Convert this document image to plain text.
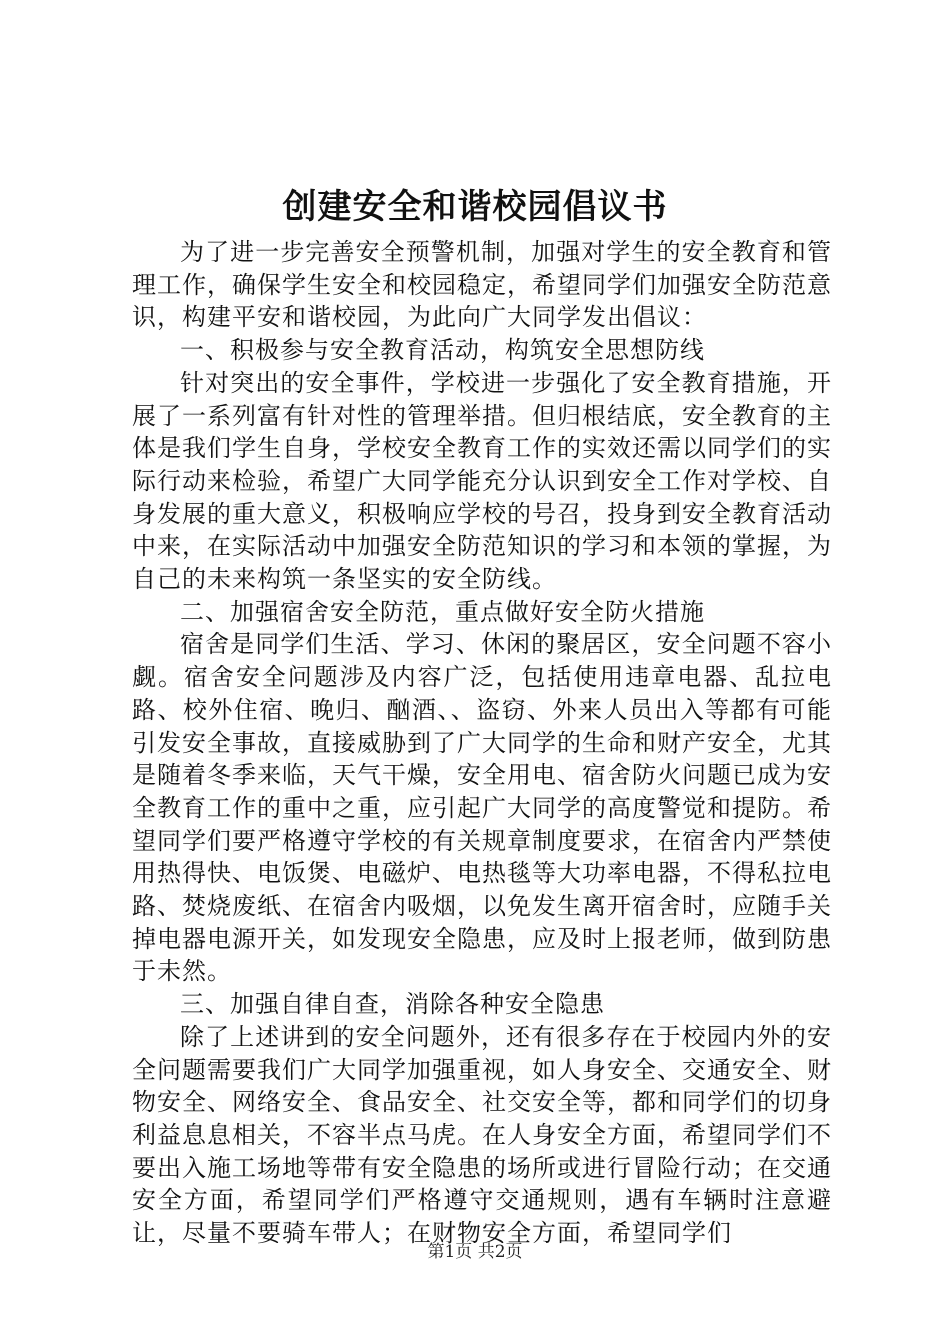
创建安全和谐校园倡议书

为了进一步完善安全预警机制，加强对学生的安全教育和管理工作，确保学生安全和校园稳定，希望同学们加强安全防范意识，构建平安和谐校园，为此向广大同学发出倡议：

一、积极参与安全教育活动，构筑安全思想防线

针对突出的安全事件，学校进一步强化了安全教育措施，开展了一系列富有针对性的管理举措。但归根结底，安全教育的主体是我们学生自身，学校安全教育工作的实效还需以同学们的实际行动来检验，希望广大同学能充分认识到安全工作对学校、自身发展的重大意义，积极响应学校的号召，投身到安全教育活动中来，在实际活动中加强安全防范知识的学习和本领的掌握，为自己的未来构筑一条坚实的安全防线。

二、加强宿舍安全防范，重点做好安全防火措施

宿舍是同学们生活、学习、休闲的聚居区，安全问题不容小觑。宿舍安全问题涉及内容广泛，包括使用违章电器、乱拉电路、校外住宿、晚归、酗酒、、盗窃、外来人员出入等都有可能引发安全事故，直接威胁到了广大同学的生命和财产安全，尤其是随着冬季来临，天气干燥，安全用电、宿舍防火问题已成为安全教育工作的重中之重，应引起广大同学的高度警觉和提防。希望同学们要严格遵守学校的有关规章制度要求，在宿舍内严禁使用热得快、电饭煲、电磁炉、电热毯等大功率电器，不得私拉电路、焚烧废纸、在宿舍内吸烟，以免发生离开宿舍时，应随手关掉电器电源开关，如发现安全隐患，应及时上报老师，做到防患于未然。

三、加强自律自查，消除各种安全隐患

除了上述讲到的安全问题外，还有很多存在于校园内外的安全问题需要我们广大同学加强重视，如人身安全、交通安全、财物安全、网络安全、食品安全、社交安全等，都和同学们的切身利益息息相关，不容半点马虎。在人身安全方面，希望同学们不要出入施工场地等带有安全隐患的场所或进行冒险行动；在交通安全方面，希望同学们严格遵守交通规则，遇有车辆时注意避让，尽量不要骑车带人；在财物安全方面，希望同学们

第1页 共2页
